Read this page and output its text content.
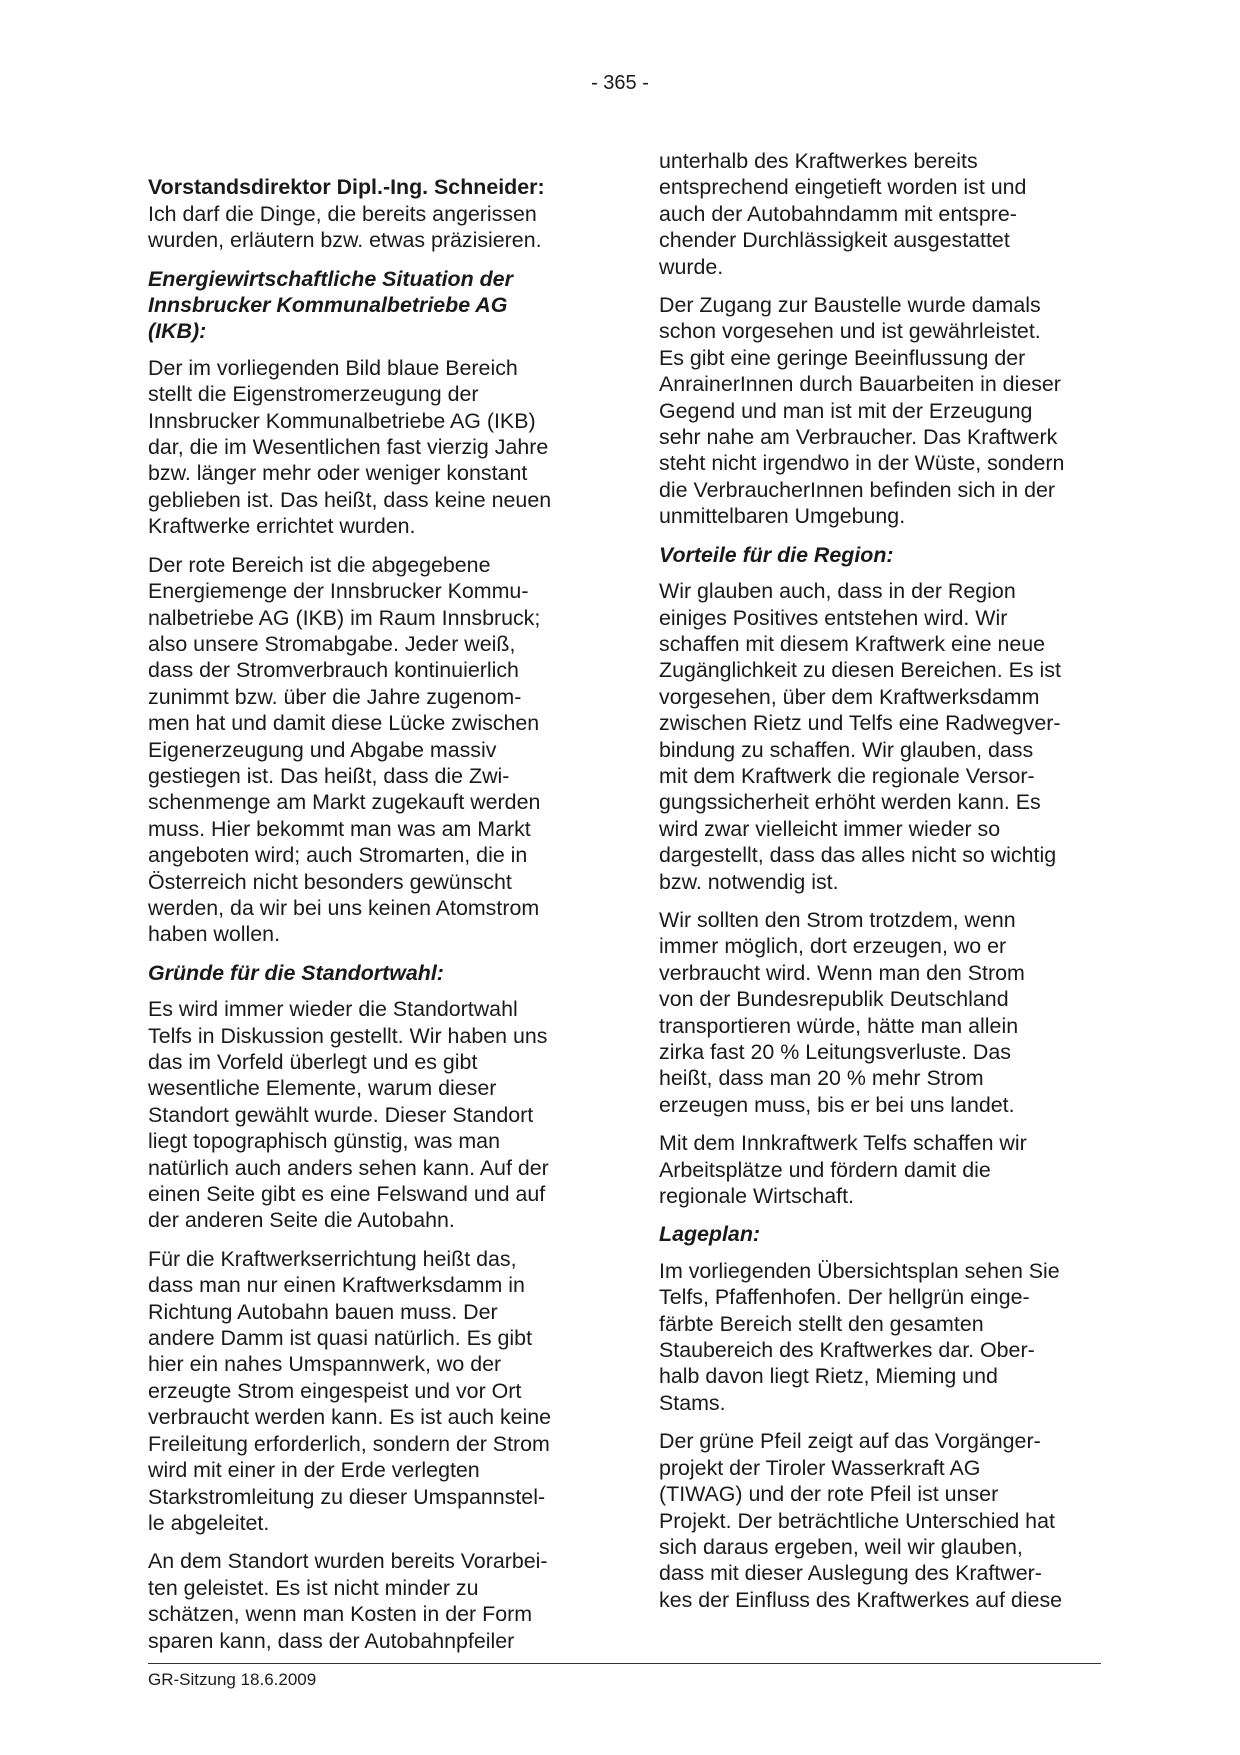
- 365 -

Vorstandsdirektor Dipl.-Ing. Schneider:
Ich darf die Dinge, die bereits angerissen
wurden, erläutern bzw. etwas präzisieren.

Energiewirtschaftliche Situation der
Innsbrucker Kommunalbetriebe AG
(IKB):

Der im vorliegenden Bild blaue Bereich
stellt die Eigenstromerzeugung der
Innsbrucker Kommunalbetriebe AG (IKB)
dar, die im Wesentlichen fast vierzig Jahre
bzw. länger mehr oder weniger konstant
geblieben ist. Das heißt, dass keine neuen
Kraftwerke errichtet wurden.

Der rote Bereich ist die abgegebene
Energiemenge der Innsbrucker Kommu-
nalbetriebe AG (IKB) im Raum Innsbruck;
also unsere Stromabgabe. Jeder weiß,
dass der Stromverbrauch kontinuierlich
zunimmt bzw. über die Jahre zugenom-
men hat und damit diese Lücke zwischen
Eigenerzeugung und Abgabe massiv
gestiegen ist. Das heißt, dass die Zwi-
schenmenge am Markt zugekauft werden
muss. Hier bekommt man was am Markt
angeboten wird; auch Stromarten, die in
Österreich nicht besonders gewünscht
werden, da wir bei uns keinen Atomstrom
haben wollen.

Gründe für die Standortwahl:

Es wird immer wieder die Standortwahl
Telfs in Diskussion gestellt. Wir haben uns
das im Vorfeld überlegt und es gibt
wesentliche Elemente, warum dieser
Standort gewählt wurde. Dieser Standort
liegt topographisch günstig, was man
natürlich auch anders sehen kann. Auf der
einen Seite gibt es eine Felswand und auf
der anderen Seite die Autobahn.

Für die Kraftwerkserrichtung heißt das,
dass man nur einen Kraftwerksdamm in
Richtung Autobahn bauen muss. Der
andere Damm ist quasi natürlich. Es gibt
hier ein nahes Umspannwerk, wo der
erzeugte Strom eingespeist und vor Ort
verbraucht werden kann. Es ist auch keine
Freileitung erforderlich, sondern der Strom
wird mit einer in der Erde verlegten
Starkstromleitung zu dieser Umspannstel-
le abgeleitet.

An dem Standort wurden bereits Vorarbei-
ten geleistet. Es ist nicht minder zu
schätzen, wenn man Kosten in der Form
sparen kann, dass der Autobahnpfeiler

unterhalb des Kraftwerkes bereits
entsprechend eingetieft worden ist und
auch der Autobahndamm mit entspre-
chender Durchlässigkeit ausgestattet
wurde.

Der Zugang zur Baustelle wurde damals
schon vorgesehen und ist gewährleistet.
Es gibt eine geringe Beeinflussung der
AnrainerInnen durch Bauarbeiten in dieser
Gegend und man ist mit der Erzeugung
sehr nahe am Verbraucher. Das Kraftwerk
steht nicht irgendwo in der Wüste, sondern
die VerbraucherInnen befinden sich in der
unmittelbaren Umgebung.

Vorteile für die Region:

Wir glauben auch, dass in der Region
einiges Positives entstehen wird. Wir
schaffen mit diesem Kraftwerk eine neue
Zugänglichkeit zu diesen Bereichen. Es ist
vorgesehen, über dem Kraftwerksdamm
zwischen Rietz und Telfs eine Radwegver-
bindung zu schaffen. Wir glauben, dass
mit dem Kraftwerk die regionale Versor-
gungssicherheit erhöht werden kann. Es
wird zwar vielleicht immer wieder so
dargestellt, dass das alles nicht so wichtig
bzw. notwendig ist.

Wir sollten den Strom trotzdem, wenn
immer möglich, dort erzeugen, wo er
verbraucht wird. Wenn man den Strom
von der Bundesrepublik Deutschland
transportieren würde, hätte man allein
zirka fast 20 % Leitungsverluste. Das
heißt, dass man 20 % mehr Strom
erzeugen muss, bis er bei uns landet.

Mit dem Innkraftwerk Telfs schaffen wir
Arbeitsplätze und fördern damit die
regionale Wirtschaft.

Lageplan:

Im vorliegenden Übersichtsplan sehen Sie
Telfs, Pfaffenhofen. Der hellgrün einge-
färbte Bereich stellt den gesamten
Staubereich des Kraftwerkes dar. Ober-
halb davon liegt Rietz, Mieming und
Stams.

Der grüne Pfeil zeigt auf das Vorgänger-
projekt der Tiroler Wasserkraft AG
(TIWAG) und der rote Pfeil ist unser
Projekt. Der beträchtliche Unterschied hat
sich daraus ergeben, weil wir glauben,
dass mit dieser Auslegung des Kraftwer-
kes der Einfluss des Kraftwerkes auf diese

GR-Sitzung 18.6.2009
